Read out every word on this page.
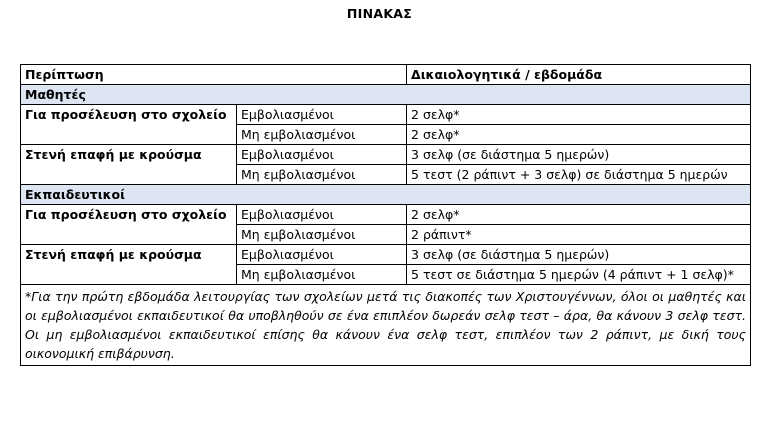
ΠΙΝΑΚΑΣ
Περίπτωση		Δικαιολογητικά / εβδομάδα
Μαθητές		
Για προσέλευση στο σχολείο	Εμβολιασμένοι	2 σελφ*
	Μη εμβολιασμένοι	2 σελφ*
Στενή επαφή με κρούσμα	Εμβολιασμένοι	3 σελφ (σε διάστημα 5 ημερών)
	Μη εμβολιασμένοι	5 τεστ (2 ράπιντ + 3 σελφ) σε διάστημα 5 ημερών
Εκπαιδευτικοί		
Για προσέλευση στο σχολείο	Εμβολιασμένοι	2 σελφ*
	Μη εμβολιασμένοι	2 ράπιντ*
Στενή επαφή με κρούσμα	Εμβολιασμένοι	3 σελφ (σε διάστημα 5 ημερών)
	Μη εμβολιασμένοι	5 τεστ σε διάστημα 5 ημερών (4 ράπιντ + 1 σελφ)*
*Για την πρώτη εβδομάδα λειτουργίας των σχολείων μετά τις διακοπές των Χριστουγέννων, όλοι οι μαθητές και οι εμβολιασμένοι εκπαιδευτικοί θα υποβληθούν σε ένα επιπλέον δωρεάν σελφ τεστ – άρα, θα κάνουν 3 σελφ τεστ. Οι μη εμβολιασμένοι εκπαιδευτικοί επίσης θα κάνουν ένα σελφ τεστ, επιπλέον των 2 ράπιντ, με δική τους οικονομική επιβάρυνση.		
